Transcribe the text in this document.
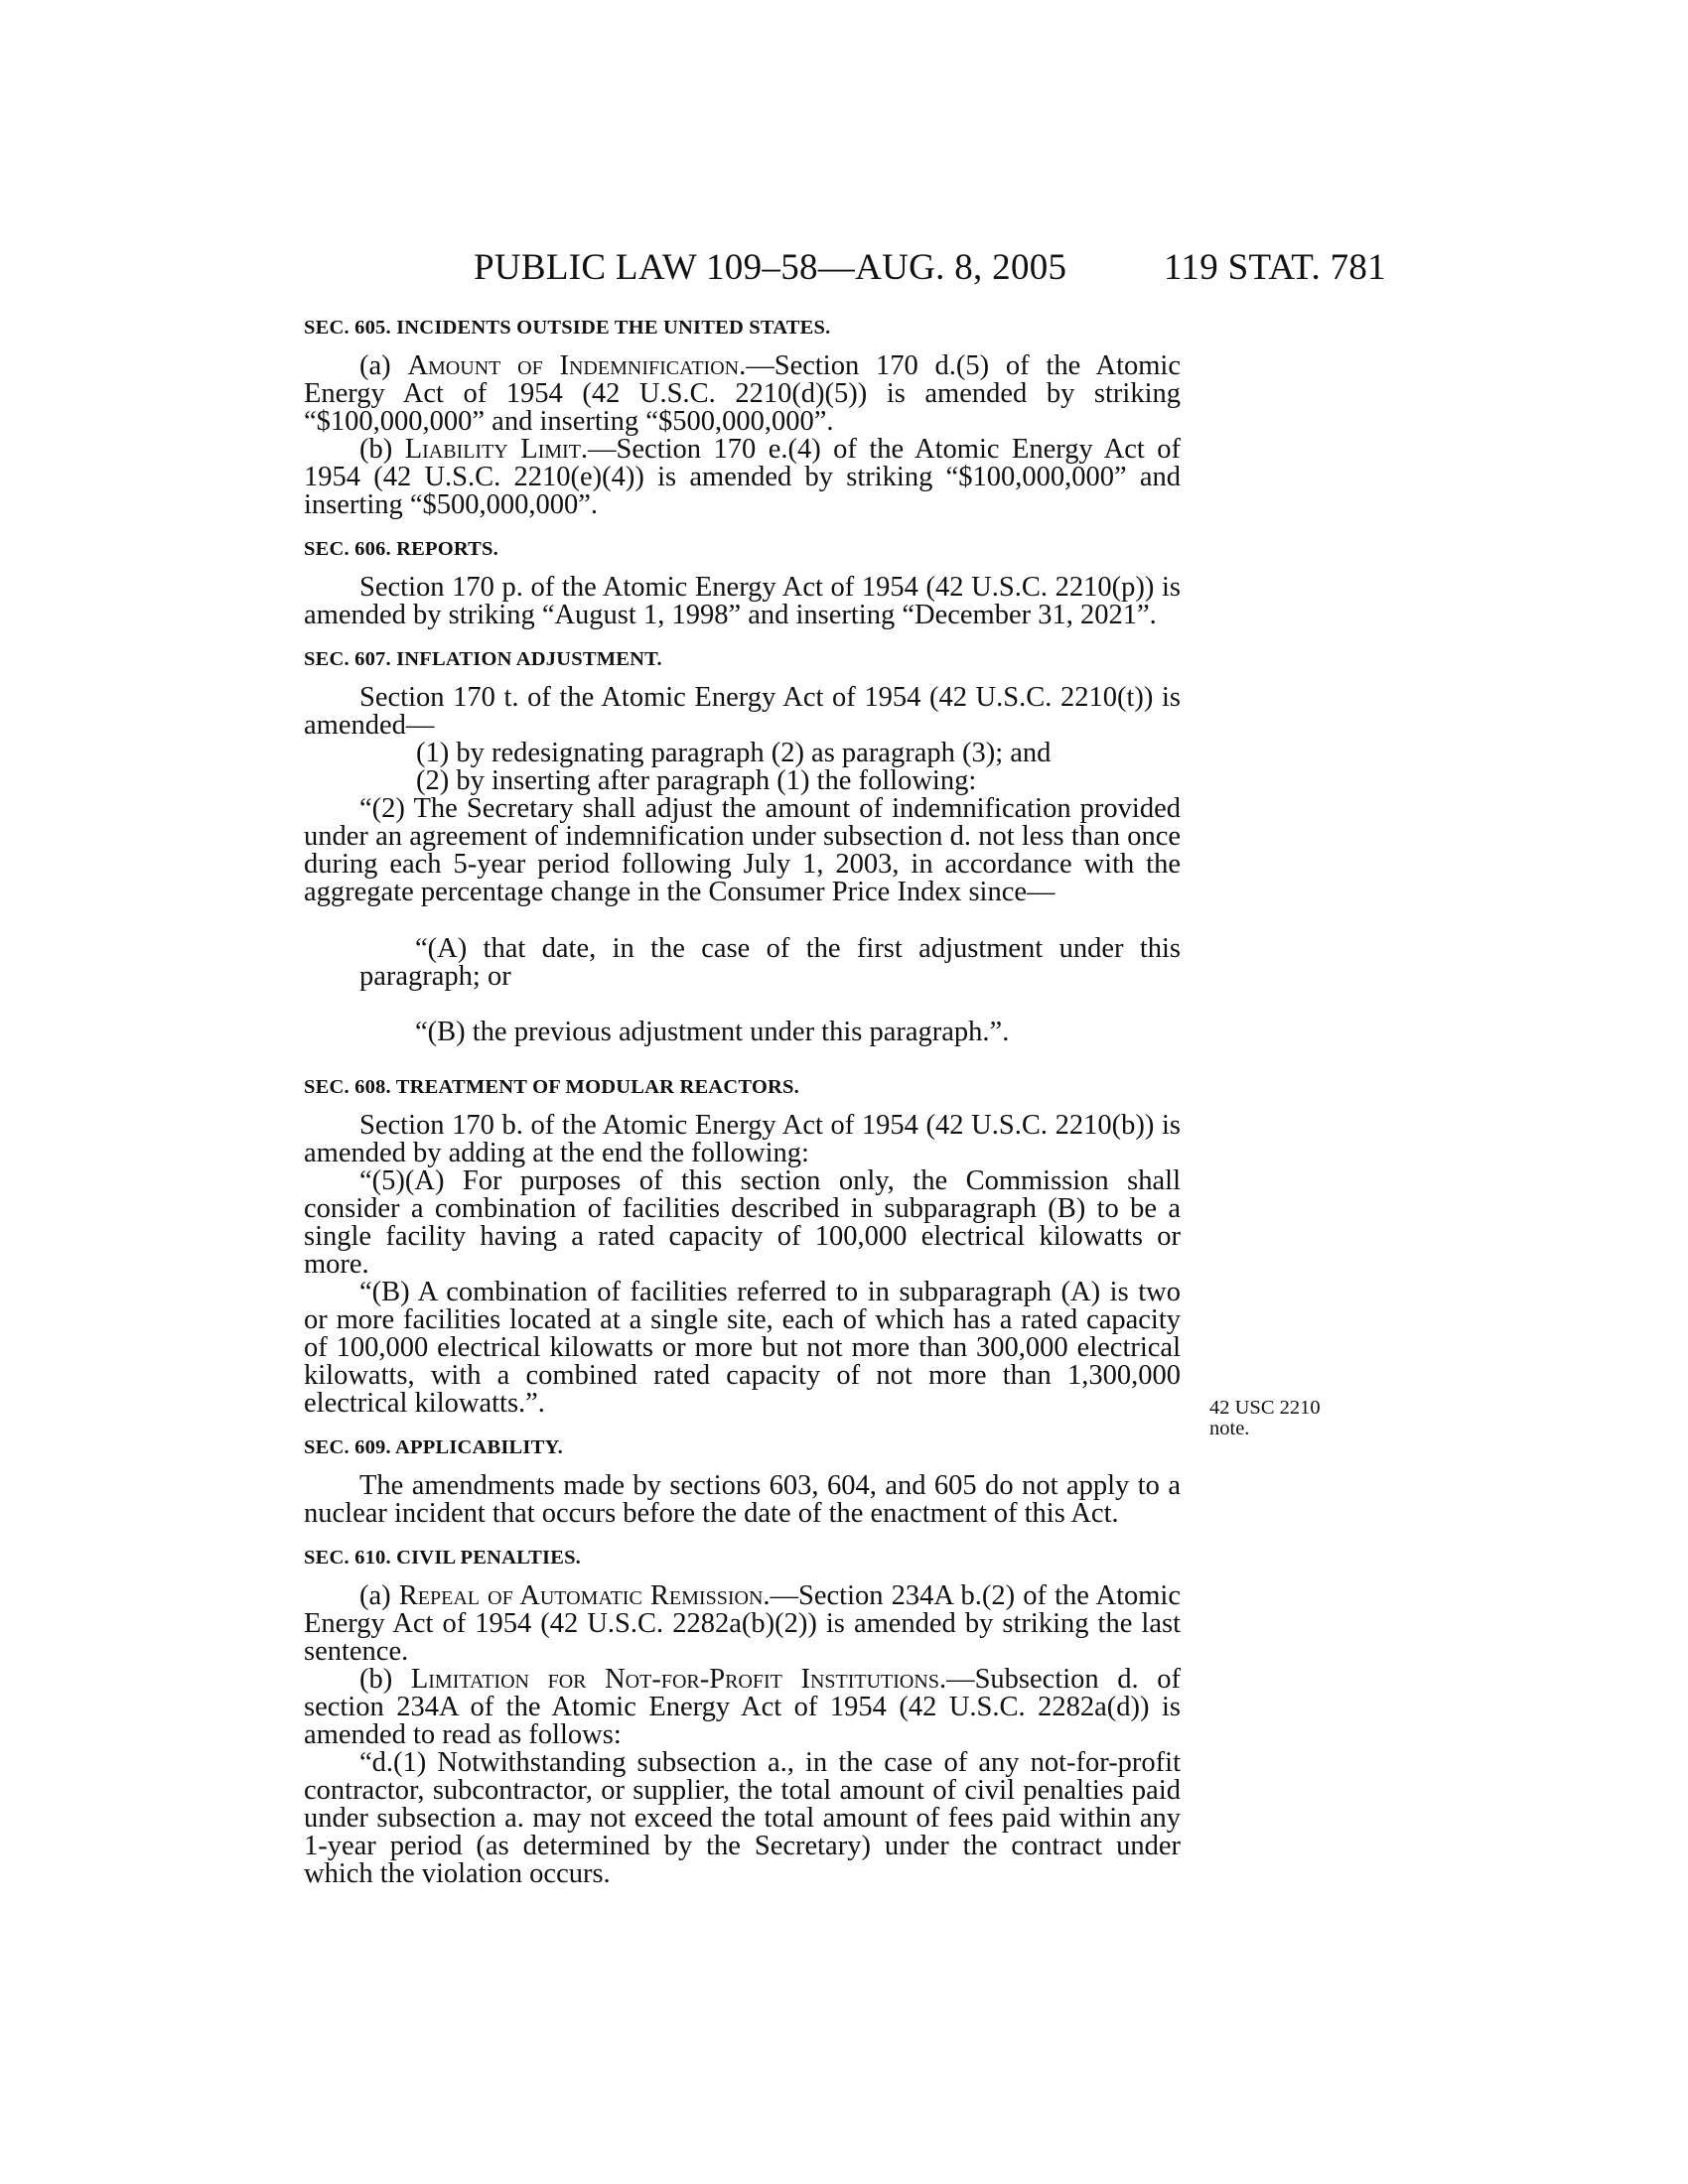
PUBLIC LAW 109–58—AUG. 8, 2005	119 STAT. 781
42 USC 2210
note.
SEC. 605. INCIDENTS OUTSIDE THE UNITED STATES.

(a) Amount of Indemnification.—Section 170 d.(5) of the Atomic Energy Act of 1954 (42 U.S.C. 2210(d)(5)) is amended by striking “$100,000,000” and inserting “$500,000,000”.

(b) Liability Limit.—Section 170 e.(4) of the Atomic Energy Act of 1954 (42 U.S.C. 2210(e)(4)) is amended by striking “$100,000,000” and inserting “$500,000,000”.

SEC. 606. REPORTS.

Section 170 p. of the Atomic Energy Act of 1954 (42 U.S.C. 2210(p)) is amended by striking “August 1, 1998” and inserting “December 31, 2021”.

SEC. 607. INFLATION ADJUSTMENT.

Section 170 t. of the Atomic Energy Act of 1954 (42 U.S.C. 2210(t)) is amended—

(1) by redesignating paragraph (2) as paragraph (3); and

(2) by inserting after paragraph (1) the following:

“(2) The Secretary shall adjust the amount of indemnification provided under an agreement of indemnification under subsection d. not less than once during each 5-year period following July 1, 2003, in accordance with the aggregate percentage change in the Consumer Price Index since—

“(A) that date, in the case of the first adjustment under this paragraph; or

“(B) the previous adjustment under this paragraph.”.

SEC. 608. TREATMENT OF MODULAR REACTORS.

Section 170 b. of the Atomic Energy Act of 1954 (42 U.S.C. 2210(b)) is amended by adding at the end the following:

“(5)(A) For purposes of this section only, the Commission shall consider a combination of facilities described in subparagraph (B) to be a single facility having a rated capacity of 100,000 electrical kilowatts or more.

“(B) A combination of facilities referred to in subparagraph (A) is two or more facilities located at a single site, each of which has a rated capacity of 100,000 electrical kilowatts or more but not more than 300,000 electrical kilowatts, with a combined rated capacity of not more than 1,300,000 electrical kilowatts.”.

SEC. 609. APPLICABILITY.

The amendments made by sections 603, 604, and 605 do not apply to a nuclear incident that occurs before the date of the enactment of this Act.

SEC. 610. CIVIL PENALTIES.

(a) Repeal of Automatic Remission.—Section 234A b.(2) of the Atomic Energy Act of 1954 (42 U.S.C. 2282a(b)(2)) is amended by striking the last sentence.

(b) Limitation for Not-for-Profit Institutions.—Subsection d. of section 234A of the Atomic Energy Act of 1954 (42 U.S.C. 2282a(d)) is amended to read as follows:

“d.(1) Notwithstanding subsection a., in the case of any not-for-profit contractor, subcontractor, or supplier, the total amount of civil penalties paid under subsection a. may not exceed the total amount of fees paid within any 1-year period (as determined by the Secretary) under the contract under which the violation occurs.
